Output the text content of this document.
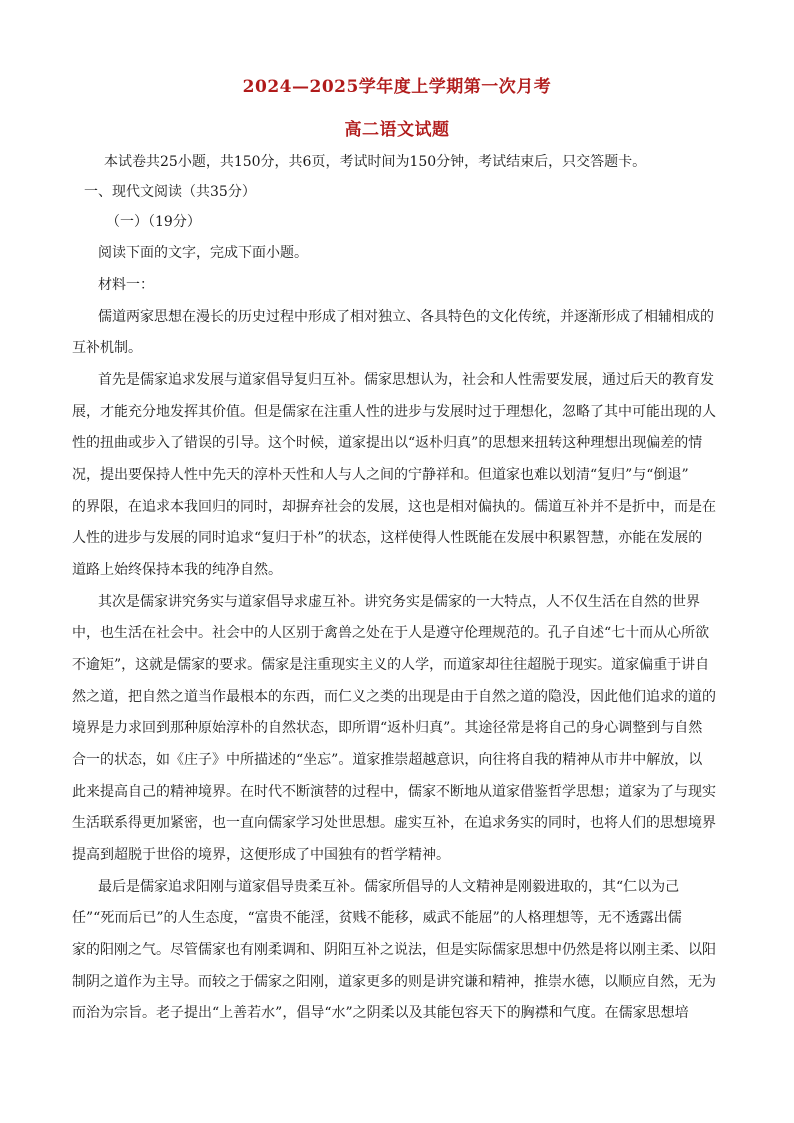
2024—2025学年度上学期第一次月考
高二语文试题
本试卷共25小题，共150分，共6页，考试时间为150分钟，考试结束后，只交答题卡。
一、现代文阅读（共35分）
（一）（19分）
阅读下面的文字，完成下面小题。
材料一：
儒道两家思想在漫长的历史过程中形成了相对独立、各具特色的文化传统，并逐渐形成了相辅相成的
互补机制。
首先是儒家追求发展与道家倡导复归互补。儒家思想认为，社会和人性需要发展，通过后天的教育发
展，才能充分地发挥其价值。但是儒家在注重人性的进步与发展时过于理想化，忽略了其中可能出现的人
性的扭曲或步入了错误的引导。这个时候，道家提出以“返朴归真”的思想来扭转这种理想出现偏差的情
况，提出要保持人性中先天的淳朴天性和人与人之间的宁静祥和。但道家也难以划清“复归”与“倒退”
的界限，在追求本我回归的同时，却摒弃社会的发展，这也是相对偏执的。儒道互补并不是折中，而是在
人性的进步与发展的同时追求“复归于朴”的状态，这样使得人性既能在发展中积累智慧，亦能在发展的
道路上始终保持本我的纯净自然。
其次是儒家讲究务实与道家倡导求虚互补。讲究务实是儒家的一大特点，人不仅生活在自然的世界
中，也生活在社会中。社会中的人区别于禽兽之处在于人是遵守伦理规范的。孔子自述“七十而从心所欲
不逾矩”，这就是儒家的要求。儒家是注重现实主义的人学，而道家却往往超脱于现实。道家偏重于讲自
然之道，把自然之道当作最根本的东西，而仁义之类的出现是由于自然之道的隐没，因此他们追求的道的
境界是力求回到那种原始淳朴的自然状态，即所谓“返朴归真”。其途径常是将自己的身心调整到与自然
合一的状态，如《庄子》中所描述的“坐忘”。道家推崇超越意识，向往将自我的精神从市井中解放，以
此来提高自己的精神境界。在时代不断演替的过程中，儒家不断地从道家借鉴哲学思想；道家为了与现实
生活联系得更加紧密，也一直向儒家学习处世思想。虚实互补，在追求务实的同时，也将人们的思想境界
提高到超脱于世俗的境界，这便形成了中国独有的哲学精神。
最后是儒家追求阳刚与道家倡导贵柔互补。儒家所倡导的人文精神是刚毅进取的，其“仁以为己
任”“死而后已”的人生态度，“富贵不能淫，贫贱不能移，威武不能屈”的人格理想等，无不透露出儒
家的阳刚之气。尽管儒家也有刚柔调和、阴阳互补之说法，但是实际儒家思想中仍然是将以刚主柔、以阳
制阴之道作为主导。而较之于儒家之阳刚，道家更多的则是讲究谦和精神，推崇水德，以顺应自然，无为
而治为宗旨。老子提出“上善若水”，倡导“水”之阴柔以及其能包容天下的胸襟和气度。在儒家思想培
